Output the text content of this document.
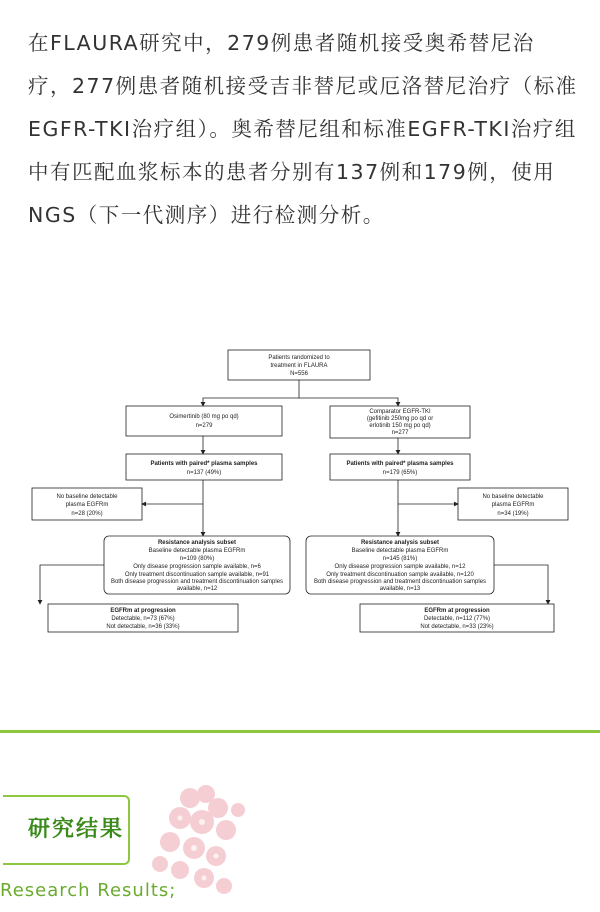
在FLAURA研究中，279例患者随机接受奥希替尼治疗，277例患者随机接受吉非替尼或厄洛替尼治疗（标准EGFR-TKI治疗组）。奥希替尼组和标准EGFR-TKI治疗组中有匹配血浆标本的患者分别有137例和179例，使用NGS（下一代测序）进行检测分析。

Patients randomized to
treatment in FLAURA
N=556
Osimertinib (80 mg po qd)
n=279
Comparator EGFR-TKI
(gefitinib 250mg po qd or
erlotinib 150 mg po qd)
n=277
Patients with paired* plasma samples
n=137 (49%)
Patients with paired* plasma samples
n=179 (65%)
No baseline detectable
plasma EGFRm
n=28 (20%)
No baseline detectable
plasma EGFRm
n=34 (19%)
Resistance analysis subset
Baseline detectable plasma EGFRm
n=109 (80%)
Only disease progression sample available, n=6
Only treatment discontinuation sample available, n=91
Both disease progression and treatment discontinuation samples
available, n=12
Resistance analysis subset
Baseline detectable plasma EGFRm
n=145 (81%)
Only disease progression sample available, n=12
Only treatment discontinuation sample available, n=120
Both disease progression and treatment discontinuation samples
available, n=13
EGFRm at progression
Detectable, n=73 (67%)
Not detectable, n=36 (33%)
EGFRm at progression
Detectable, n=112 (77%)
Not detectable, n=33 (23%)
研究结果
Research Results;
